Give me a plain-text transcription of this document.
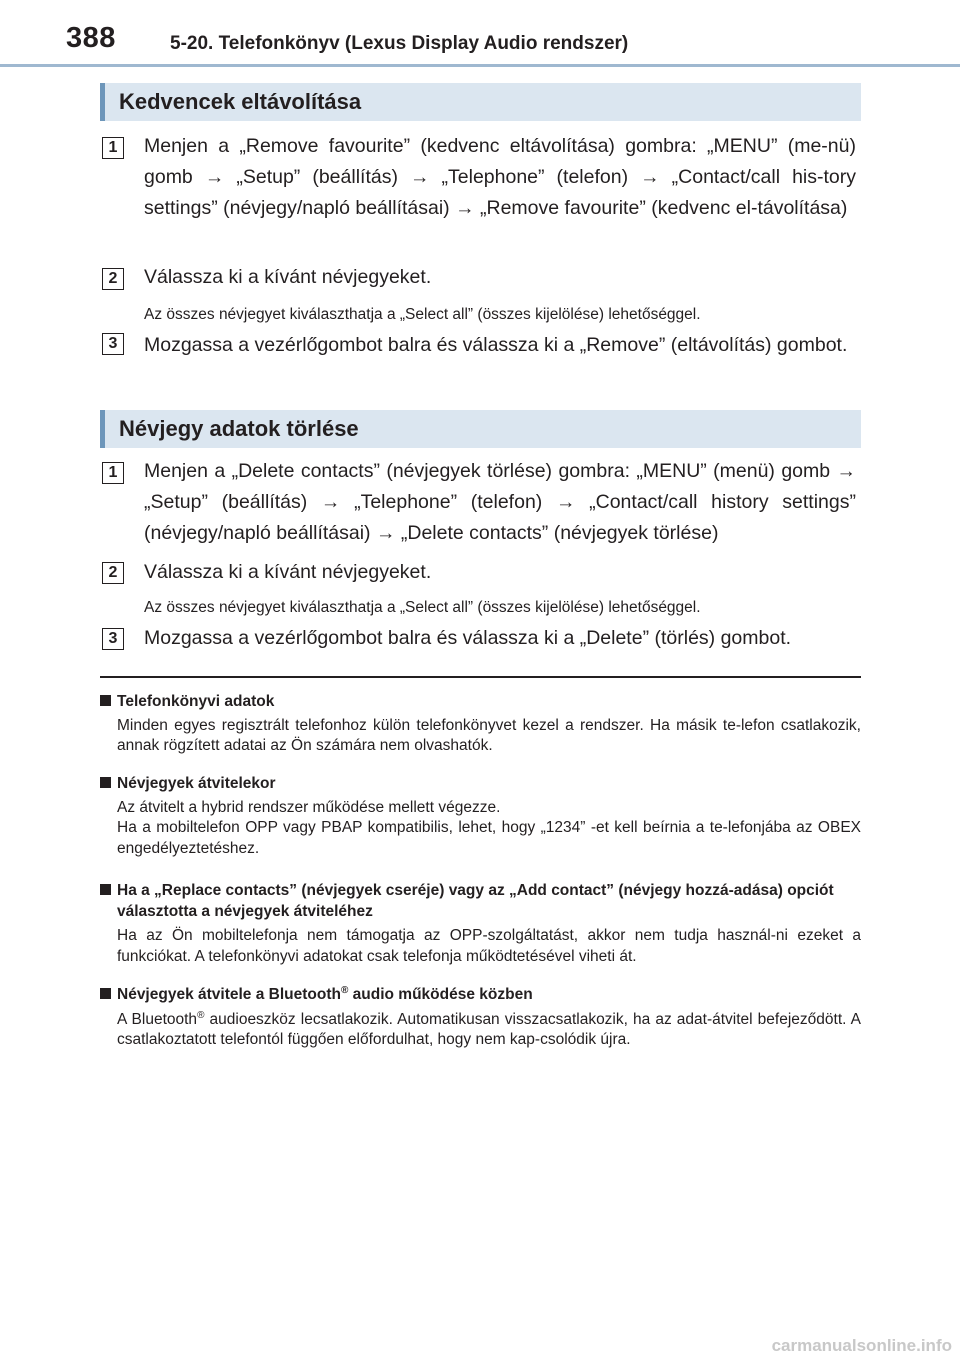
388	5-20. Telefonkönyv (Lexus Display Audio rendszer)
Kedvencek eltávolítása
1	Menjen a „Remove favourite” (kedvenc eltávolítása) gombra: „MENU” (me-nü) gomb → „Setup” (beállítás) → „Telephone” (telefon) → „Contact/call his-tory settings” (névjegy/napló beállításai) → „Remove favourite” (kedvenc el-távolítása)
2	Válassza ki a kívánt névjegyeket.
Az összes névjegyet kiválaszthatja a „Select all” (összes kijelölése) lehetőséggel.
3	Mozgassa a vezérlőgombot balra és válassza ki a „Remove” (eltávolítás) gombot.
Névjegy adatok törlése
1	Menjen a „Delete contacts” (névjegyek törlése) gombra: „MENU” (menü) gomb → „Setup” (beállítás) → „Telephone” (telefon) → „Contact/call history settings” (névjegy/napló beállításai) → „Delete contacts” (névjegyek törlése)
2	Válassza ki a kívánt névjegyeket.
Az összes névjegyet kiválaszthatja a „Select all” (összes kijelölése) lehetőséggel.
3	Mozgassa a vezérlőgombot balra és válassza ki a „Delete” (törlés) gombot.
Telefonkönyvi adatok
Minden egyes regisztrált telefonhoz külön telefonkönyvet kezel a rendszer. Ha másik te-lefon csatlakozik, annak rögzített adatai az Ön számára nem olvashatók.
Névjegyek átvitelekor
Az átvitelt a hybrid rendszer működése mellett végezze.
Ha a mobiltelefon OPP vagy PBAP kompatibilis, lehet, hogy „1234” -et kell beírnia a te-lefonjába az OBEX engedélyeztetéshez.
Ha a „Replace contacts” (névjegyek cseréje) vagy az „Add contact” (névjegy hozzá-adása) opciót választotta a névjegyek átviteléhez
Ha az Ön mobiltelefonja nem támogatja az OPP-szolgáltatást, akkor nem tudja használ-ni ezeket a funkciókat. A telefonkönyvi adatokat csak telefonja működtetésével viheti át.
Névjegyek átvitele a Bluetooth® audio működése közben
A Bluetooth® audioeszköz lecsatlakozik. Automatikusan visszacsatlakozik, ha az adat-átvitel befejeződött. A csatlakoztatott telefontól függően előfordulhat, hogy nem kap-csolódik újra.
carmanualsonline.info
